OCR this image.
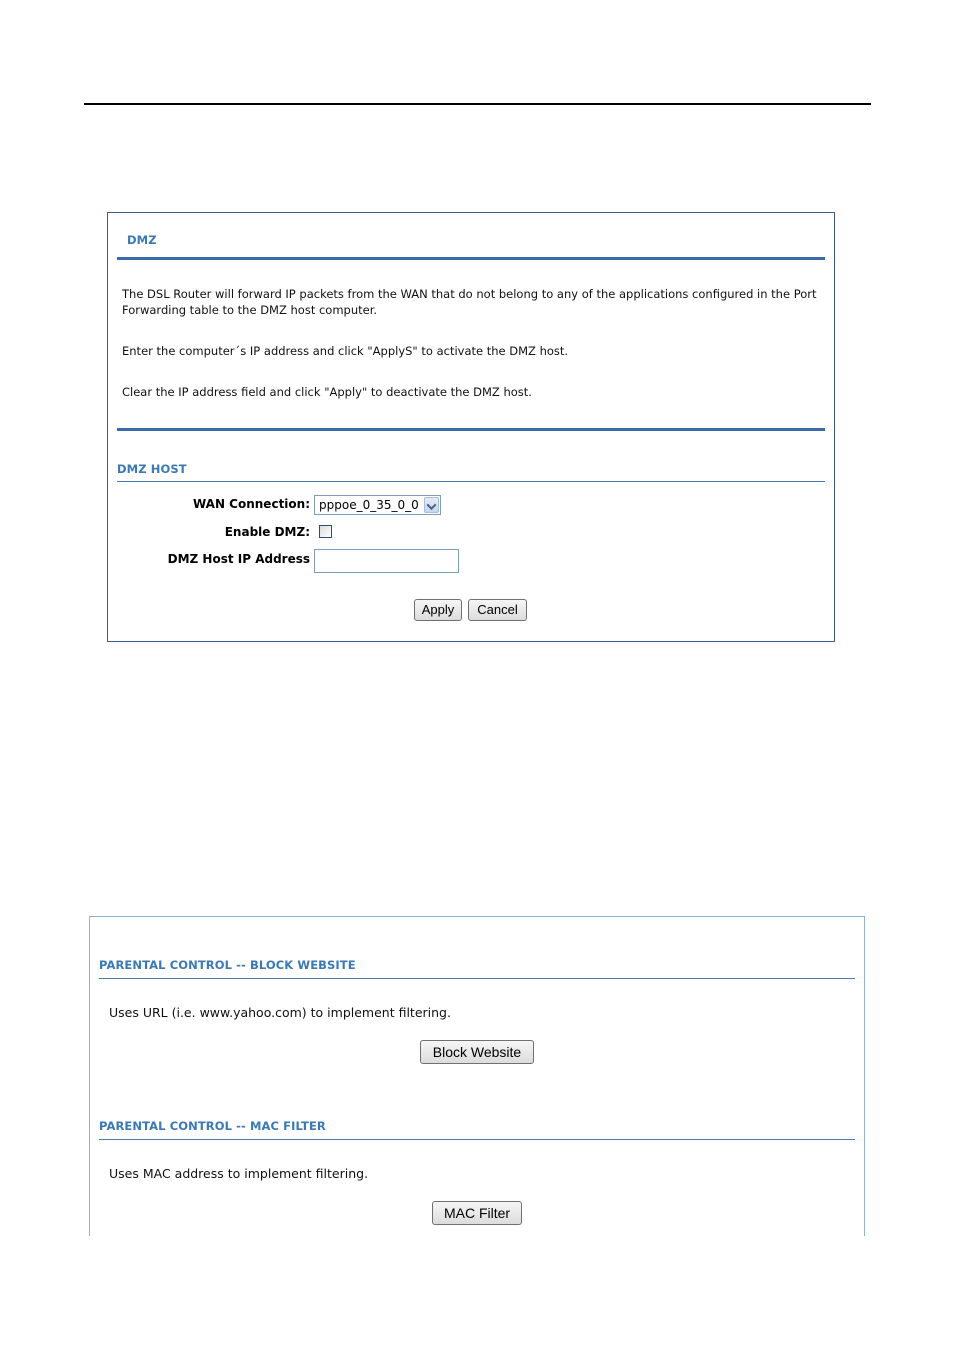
DMZ
The DSL Router will forward IP packets from the WAN that do not belong to any of the applications configured in the Port Forwarding table to the DMZ host computer.
Enter the computer´s IP address and click "ApplyS" to activate the DMZ host.
Clear the IP address field and click "Apply" to deactivate the DMZ host.
DMZ HOST
WAN Connection: pppoe_0_35_0_0
Enable DMZ:
DMZ Host IP Address
Apply	Cancel
PARENTAL CONTROL -- BLOCK WEBSITE
Uses URL (i.e. www.yahoo.com) to implement filtering.
Block Website
PARENTAL CONTROL -- MAC FILTER
Uses MAC address to implement filtering.
MAC Filter
